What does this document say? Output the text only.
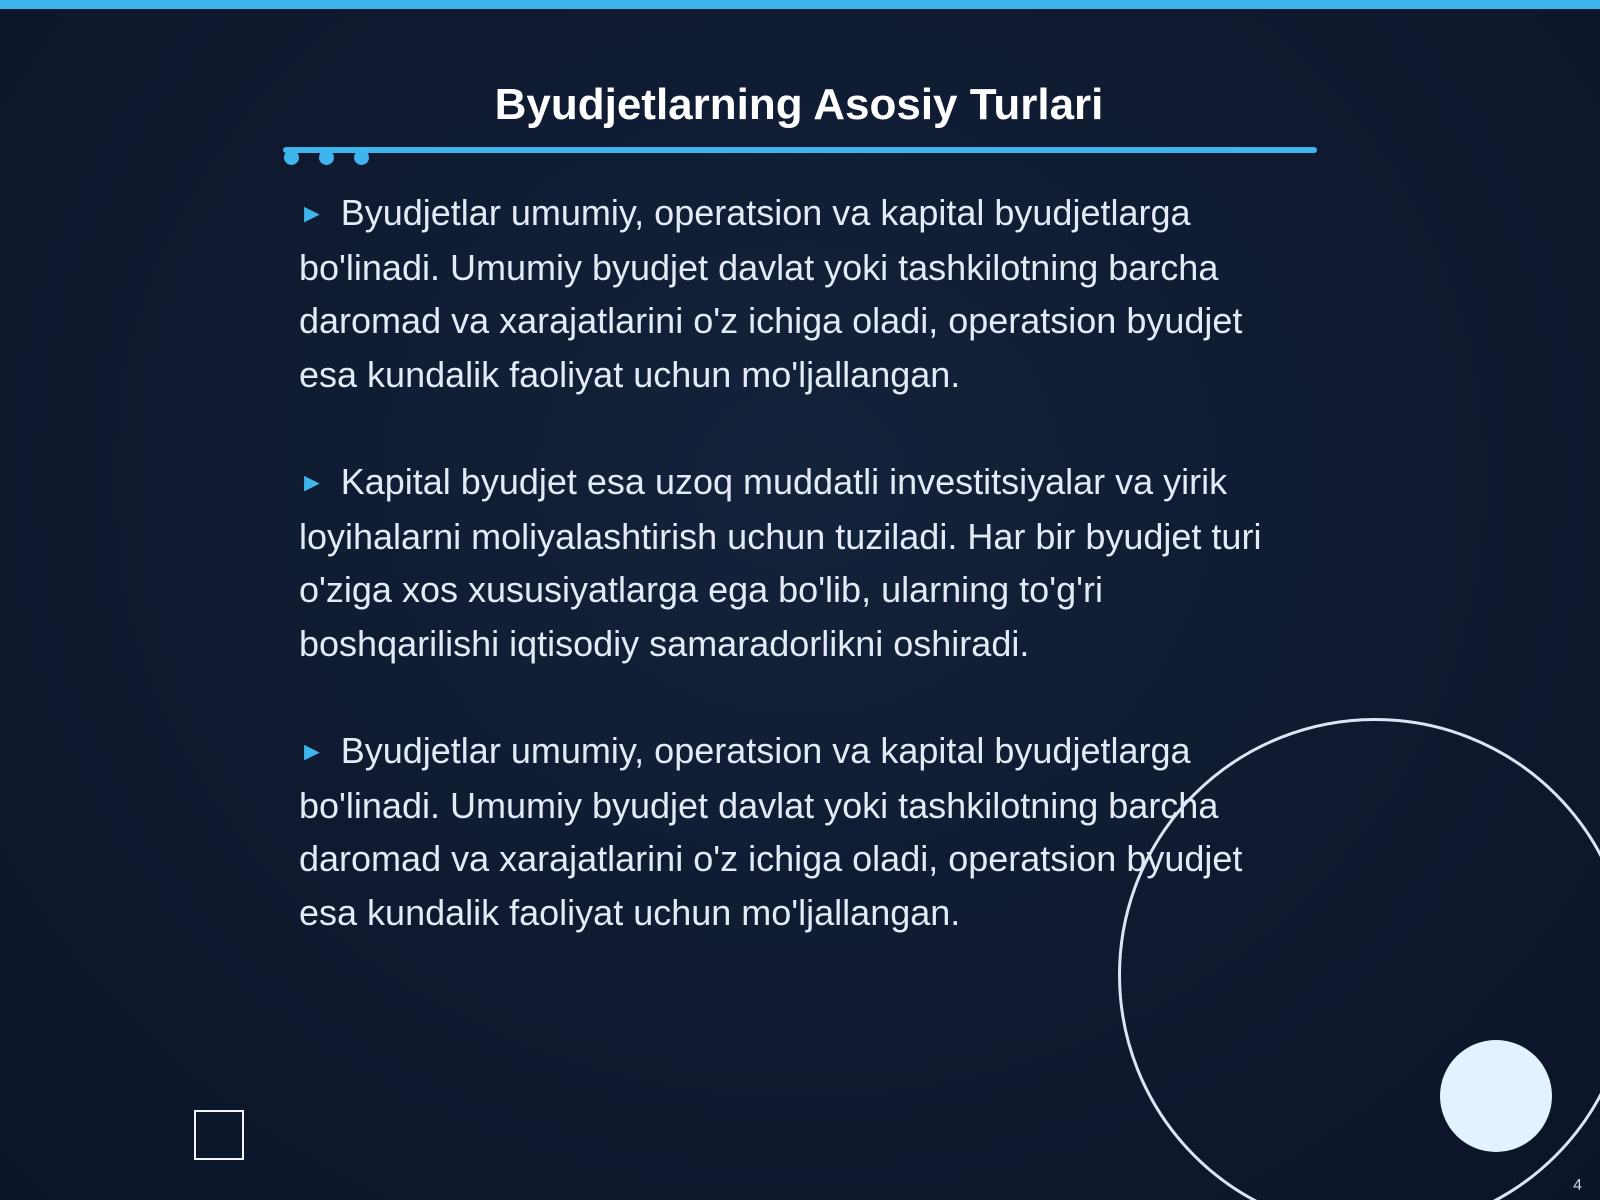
Byudjetlarning Asosiy Turlari

► Byudjetlar umumiy, operatsion va kapital byudjetlarga bo'linadi. Umumiy byudjet davlat yoki tashkilotning barcha daromad va xarajatlarini o'z ichiga oladi, operatsion byudjet esa kundalik faoliyat uchun mo'ljallangan.

► Kapital byudjet esa uzoq muddatli investitsiyalar va yirik loyihalarni moliyalashtirish uchun tuziladi. Har bir byudjet turi o'ziga xos xususiyatlarga ega bo'lib, ularning to'g'ri boshqarilishi iqtisodiy samaradorlikni oshiradi.

► Byudjetlar umumiy, operatsion va kapital byudjetlarga bo'linadi. Umumiy byudjet davlat yoki tashkilotning barcha daromad va xarajatlarini o'z ichiga oladi, operatsion byudjet esa kundalik faoliyat uchun mo'ljallangan.

4
